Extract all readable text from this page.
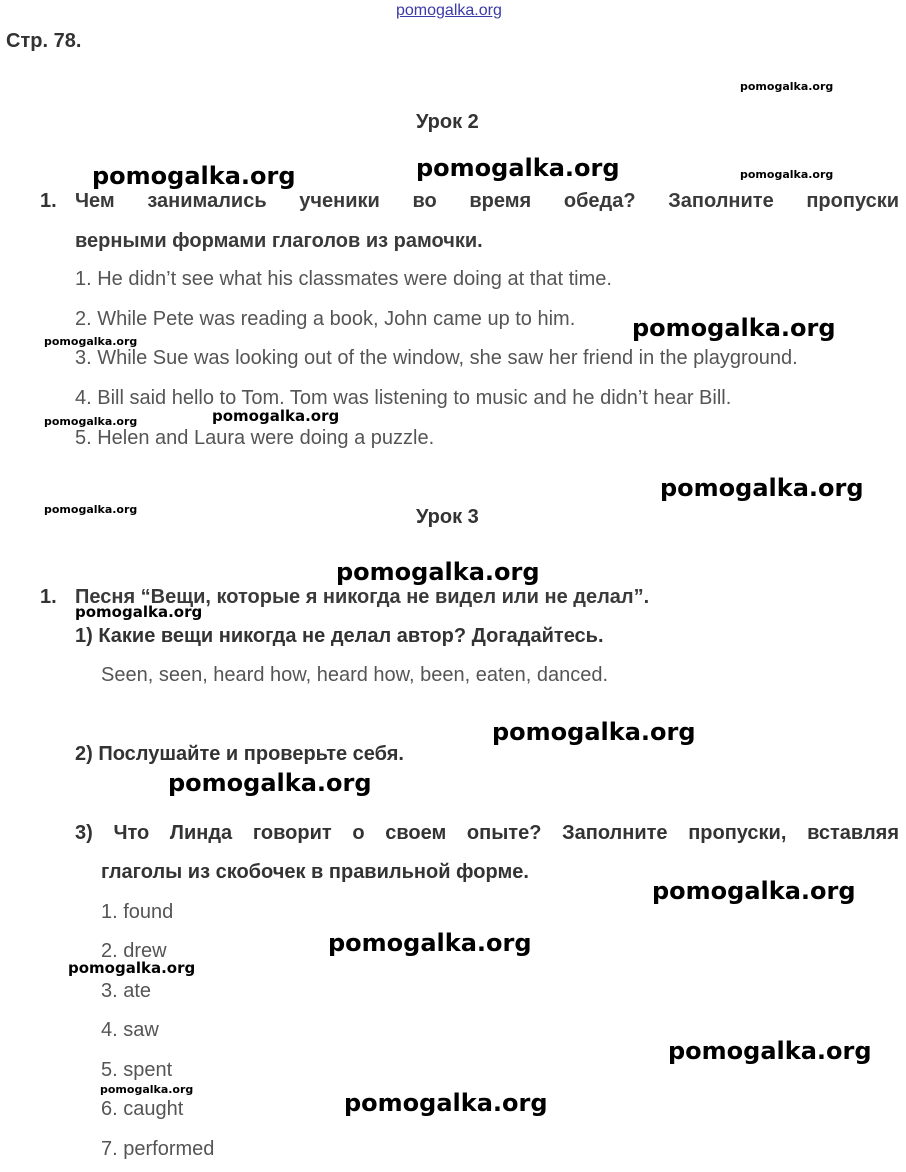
pomogalka.org
Стр. 78.
Урок 2
1. Чем занимались ученики во время обеда? Заполните пропуски
верными формами глаголов из рамочки.
1. He didn’t see what his classmates were doing at that time.
2. While Pete was reading a book, John came up to him.
3. While Sue was looking out of the window, she saw her friend in the playground.
4. Bill said hello to Tom. Tom was listening to music and he didn’t hear Bill.
5. Helen and Laura were doing a puzzle.
Урок 3
1. Песня “Вещи, которые я никогда не видел или не делал”.
1) Какие вещи никогда не делал автор? Догадайтесь.
Seen, seen, heard how, heard how, been, eaten, danced.
2) Послушайте и проверьте себя.
3) Что Линда говорит о своем опыте? Заполните пропуски, вставляя
глаголы из скобочек в правильной форме.
1. found
2. drew
3. ate
4. saw
5. spent
6. caught
7. performed
pomogalka.org
pomogalka.org	pomogalka.org	pomogalka.org
pomogalka.org
pomogalka.org
pomogalka.org
pomogalka.org
pomogalka.org
pomogalka.org
pomogalka.org
pomogalka.org
pomogalka.org
pomogalka.org
pomogalka.org
pomogalka.org
pomogalka.org
pomogalka.org
pomogalka.org	pomogalka.org
